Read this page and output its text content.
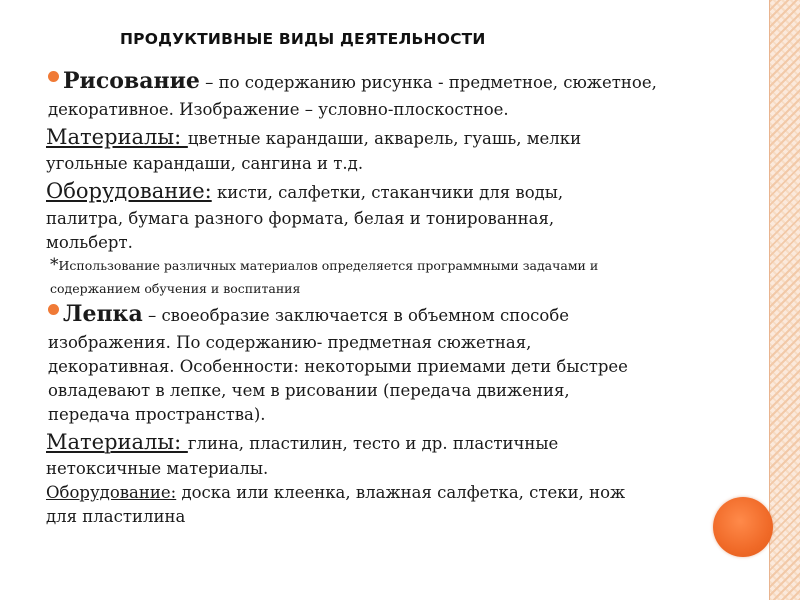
ПРОДУКТИВНЫЕ ВИДЫ ДЕЯТЕЛЬНОСТИ

Рисование – по содержанию рисунка - предметное, сюжетное,
декоративное. Изображение – условно-плоскостное.

Материалы: цветные карандаши, акварель, гуашь, мелки
угольные карандаши, сангина и т.д.

Оборудование: кисти, салфетки, стаканчики для воды,
палитра, бумага разного формата, белая и тонированная,
мольберт.

*Использование различных материалов определяется программными задачами и
содержанием обучения и воспитания

Лепка – своеобразие заключается в объемном способе
изображения. По содержанию- предметная сюжетная,
декоративная. Особенности: некоторыми приемами дети быстрее
овладевают в лепке, чем в рисовании (передача движения,
передача пространства).

Материалы: глина, пластилин, тесто и др. пластичные
нетоксичные материалы.

Оборудование: доска или клеенка, влажная салфетка, стеки, нож
для пластилина
